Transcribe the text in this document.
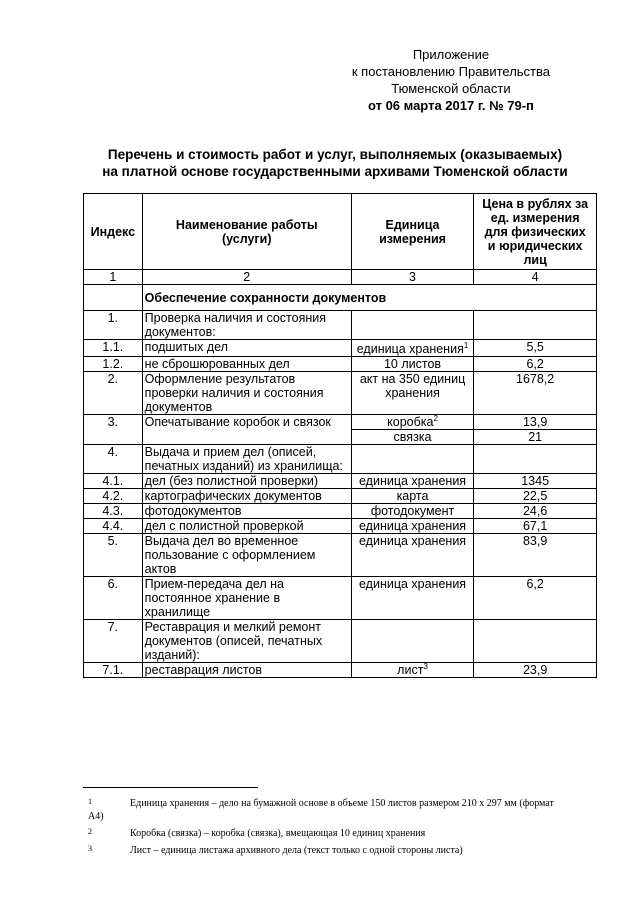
Приложение
к постановлению Правительства
Тюменской области
от 06 марта 2017 г. № 79-п
Перечень и стоимость работ и услуг, выполняемых (оказываемых)
на платной основе государственными архивами Тюменской области
Индекс	Наименование работы (услуги)	Единица измерения	Цена в рублях за ед. измерения для физических и юридических лиц
1	2	3	4
	Обеспечение сохранности документов		
1.	Проверка наличия и состояния документов:		
1.1.	подшитых дел	единица хранения$^1$	5,5
1.2.	не сброшюрованных дел	10 листов	6,2
2.	Оформление результатов проверки наличия и состояния документов	акт на 350 единиц хранения	1678,2
3.	Опечатывание коробок и связок	коробка$^2$	13,9
		связка	21
4.	Выдача и прием дел (описей, печатных изданий) из хранилища:		
4.1.	дел (без полистной проверки)	единица хранения	1345
4.2.	картографических документов	карта	22,5
4.3.	фотодокументов	фотодокумент	24,6
4.4.	дел с полистной проверкой	единица хранения	67,1
5.	Выдача дел во временное пользование с оформлением актов	единица хранения	83,9
6.	Прием-передача дел на постоянное хранение в хранилище	единица хранения	6,2
7.	Реставрация и мелкий ремонт документов (описей, печатных изданий):		
7.1.	реставрация листов	лист$^3$	23,9
1	Единица хранения – дело на бумажной основе в объеме 150 листов размером 210 х 297 мм (формат
А4)
2	Коробка (связка) – коробка (связка), вмещающая 10 единиц хранения
3	Лист – единица листажа архивного дела (текст только с одной стороны листа)
